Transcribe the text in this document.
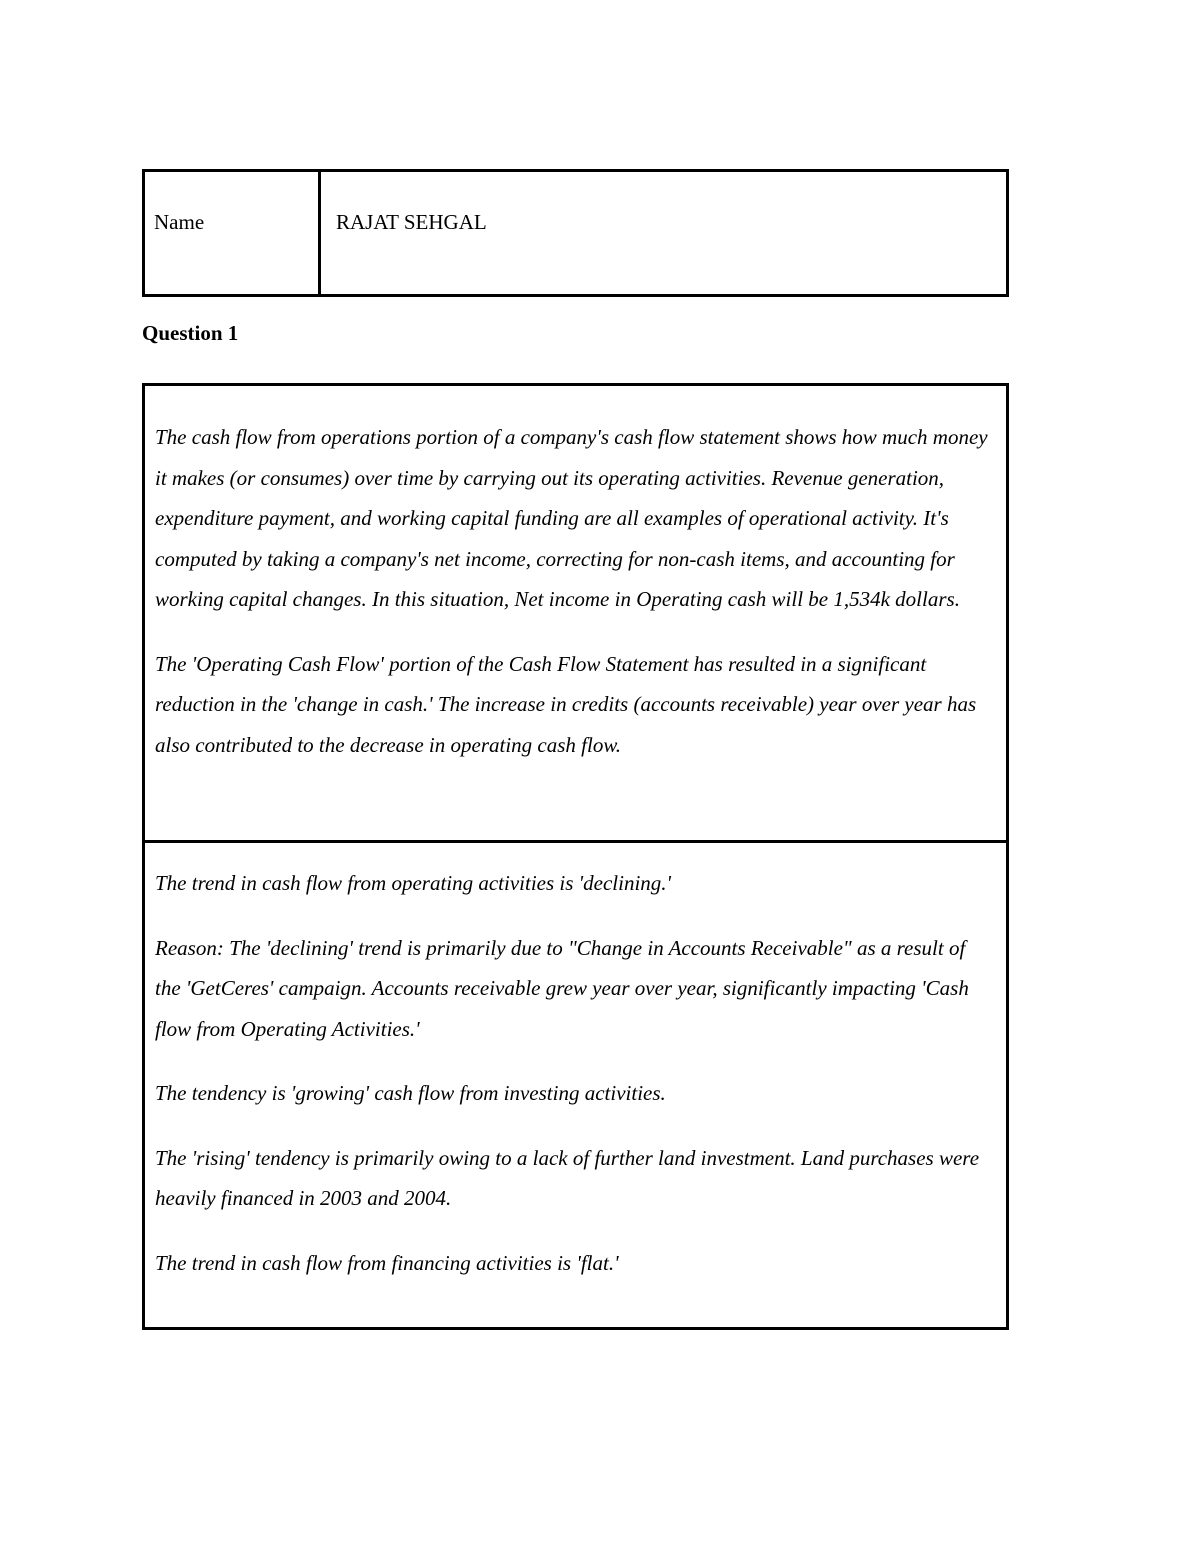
Name	RAJAT SEHGAL
Question 1

The cash flow from operations portion of a company's cash flow statement shows how much money it makes (or consumes) over time by carrying out its operating activities. Revenue generation, expenditure payment, and working capital funding are all examples of operational activity. It's computed by taking a company's net income, correcting for non-cash items, and accounting for working capital changes. In this situation, Net income in Operating cash will be 1,534k dollars.

The 'Operating Cash Flow' portion of the Cash Flow Statement has resulted in a significant reduction in the 'change in cash.' The increase in credits (accounts receivable) year over year has also contributed to the decrease in operating cash flow.

The trend in cash flow from operating activities is 'declining.'

Reason: The 'declining' trend is primarily due to "Change in Accounts Receivable" as a result of the 'GetCeres' campaign. Accounts receivable grew year over year, significantly impacting 'Cash flow from Operating Activities.'

The tendency is 'growing' cash flow from investing activities.

The 'rising' tendency is primarily owing to a lack of further land investment. Land purchases were heavily financed in 2003 and 2004.

The trend in cash flow from financing activities is 'flat.'
